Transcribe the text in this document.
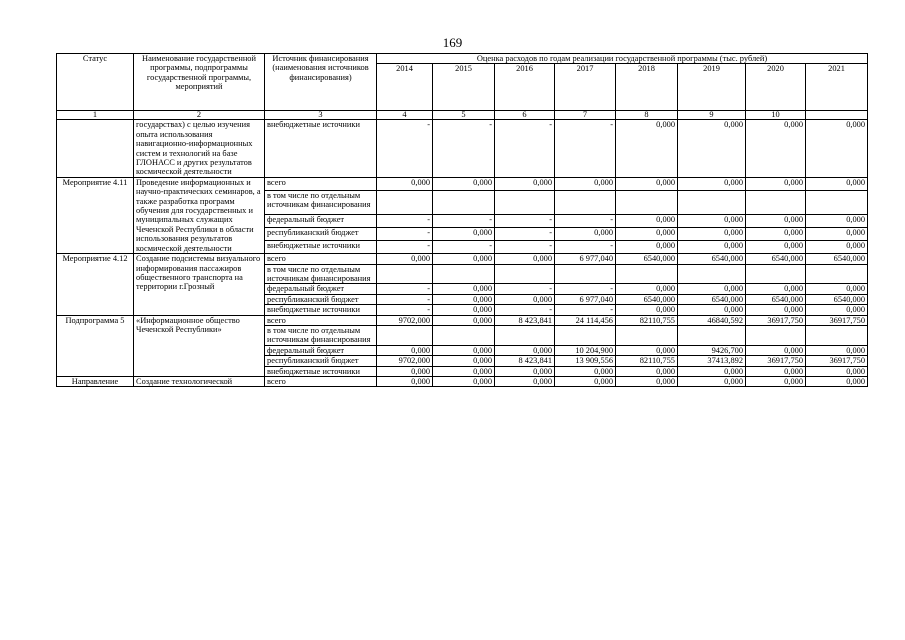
169
Статус	Наименование государственной программы, подпрограммы государственной программы, мероприятий	Источник финансирования (наименования источников финансирования)	Оценка расходов по годам реализации государственной программы (тыс. рублей)							
			2014	2015	2016	2017	2018	2019	2020	2021
1	2	3	4	5	6	7	8	9	10	
	государствах) с целью изучения опыта использования навигационно-информационных систем и технологий на базе ГЛОНАСС и других результатов космической деятельности	внебюджетные источники	-	-	-	-	0,000	0,000	0,000	0,000
Мероприятие 4.11	Проведение информационных и научно-практических семинаров, а также разработка программ обучения для государственных и муниципальных служащих Чеченской Республики в области использования результатов космической деятельности	всего	0,000	0,000	0,000	0,000	0,000	0,000	0,000	0,000
		в том числе по отдельным источникам финансирования								
		федеральный бюджет	-	-	-	-	0,000	0,000	0,000	0,000
		республиканский бюджет	-	0,000	-	0,000	0,000	0,000	0,000	0,000
		внебюджетные источники	-	-	-	-	0,000	0,000	0,000	0,000
Мероприятие 4.12	Создание подсистемы визуального информирования пассажиров общественного транспорта на территории г.Грозный	всего	0,000	0,000	0,000	6 977,040	6540,000	6540,000	6540,000	6540,000
		в том числе по отдельным источникам финансирования								
		федеральный бюджет	-	0,000	-	-	0,000	0,000	0,000	0,000
		республиканский бюджет	-	0,000	0,000	6 977,040	6540,000	6540,000	6540,000	6540,000
		внебюджетные источники	-	0,000	-	-	0,000	0,000	0,000	0,000
Подпрограмма 5	«Информационное общество Чеченской Республики»	всего	9702,000	0,000	8 423,841	24 114,456	82110,755	46840,592	36917,750	36917,750
		в том числе по отдельным источникам финансирования								
		федеральный бюджет	0,000	0,000	0,000	10 204,900	0,000	9426,700	0,000	0,000
		республиканский бюджет	9702,000	0,000	8 423,841	13 909,556	82110,755	37413,892	36917,750	36917,750
		внебюджетные источники	0,000	0,000	0,000	0,000	0,000	0,000	0,000	0,000
Направление	Создание технологической	всего	0,000	0,000	0,000	0,000	0,000	0,000	0,000	0,000
